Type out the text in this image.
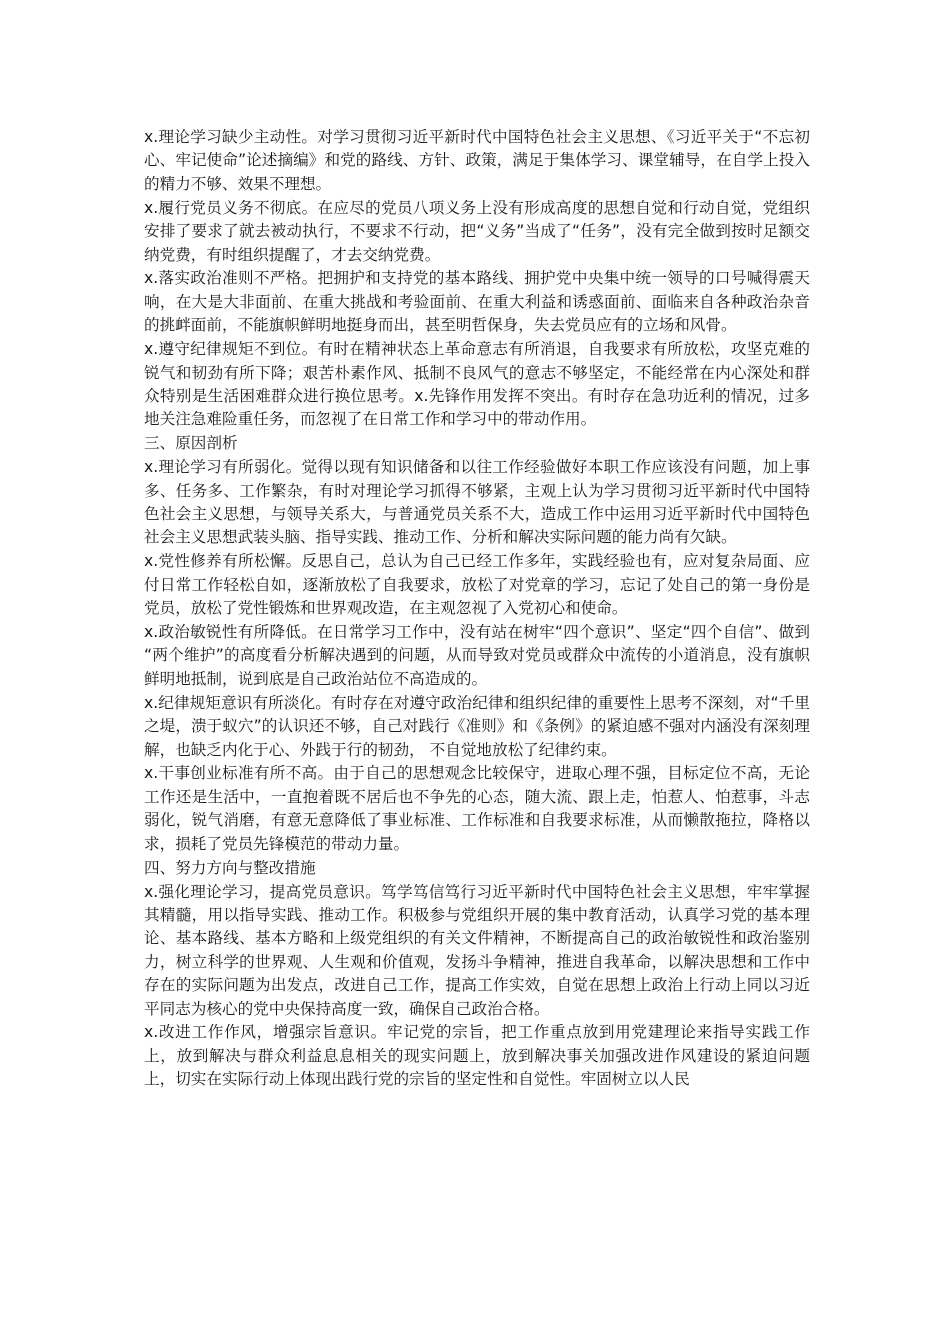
x.理论学习缺少主动性。对学习贯彻习近平新时代中国特色社会主义思想、《习近平关于“不忘初心、牢记使命”论述摘编》和党的路线、方针、政策，满足于集体学习、课堂辅导，在自学上投入的精力不够、效果不理想。

x.履行党员义务不彻底。在应尽的党员八项义务上没有形成高度的思想自觉和行动自觉，党组织安排了要求了就去被动执行，不要求不行动，把“义务”当成了“任务”，没有完全做到按时足额交纳党费，有时组织提醒了，才去交纳党费。

x.落实政治准则不严格。把拥护和支持党的基本路线、拥护党中央集中统一领导的口号喊得震天响，在大是大非面前、在重大挑战和考验面前、在重大利益和诱惑面前、面临来自各种政治杂音的挑衅面前，不能旗帜鲜明地挺身而出，甚至明哲保身，失去党员应有的立场和风骨。

x.遵守纪律规矩不到位。有时在精神状态上革命意志有所消退，自我要求有所放松，攻坚克难的锐气和韧劲有所下降；艰苦朴素作风、抵制不良风气的意志不够坚定，不能经常在内心深处和群众特别是生活困难群众进行换位思考。x.先锋作用发挥不突出。有时存在急功近利的情况，过多地关注急难险重任务，而忽视了在日常工作和学习中的带动作用。

三、原因剖析

x.理论学习有所弱化。觉得以现有知识储备和以往工作经验做好本职工作应该没有问题，加上事多、任务多、工作繁杂，有时对理论学习抓得不够紧，主观上认为学习贯彻习近平新时代中国特色社会主义思想，与领导关系大，与普通党员关系不大，造成工作中运用习近平新时代中国特色社会主义思想武装头脑、指导实践、推动工作、分析和解决实际问题的能力尚有欠缺。

x.党性修养有所松懈。反思自己，总认为自己已经工作多年，实践经验也有，应对复杂局面、应付日常工作轻松自如，逐渐放松了自我要求，放松了对党章的学习，忘记了处自己的第一身份是党员，放松了党性锻炼和世界观改造，在主观忽视了入党初心和使命。

x.政治敏锐性有所降低。在日常学习工作中，没有站在树牢“四个意识”、坚定“四个自信”、做到 “两个维护”的高度看分析解决遇到的问题，从而导致对党员或群众中流传的小道消息，没有旗帜鲜明地抵制，说到底是自己政治站位不高造成的。

x.纪律规矩意识有所淡化。有时存在对遵守政治纪律和组织纪律的重要性上思考不深刻，对“千里之堤，溃于蚁穴”的认识还不够，自己对践行《准则》和《条例》的紧迫感不强对内涵没有深刻理解，也缺乏内化于心、外践于行的韧劲， 不自觉地放松了纪律约束。

x.干事创业标准有所不高。由于自己的思想观念比较保守，进取心理不强，目标定位不高，无论工作还是生活中，一直抱着既不居后也不争先的心态，随大流、跟上走，怕惹人、怕惹事，斗志弱化，锐气消磨，有意无意降低了事业标准、工作标准和自我要求标准，从而懒散拖拉，降格以求，损耗了党员先锋模范的带动力量。

四、努力方向与整改措施

x.强化理论学习，提高党员意识。笃学笃信笃行习近平新时代中国特色社会主义思想，牢牢掌握其精髓，用以指导实践、推动工作。积极参与党组织开展的集中教育活动，认真学习党的基本理论、基本路线、基本方略和上级党组织的有关文件精神，不断提高自己的政治敏锐性和政治鉴别力，树立科学的世界观、人生观和价值观，发扬斗争精神，推进自我革命，以解决思想和工作中存在的实际问题为出发点，改进自己工作，提高工作实效，自觉在思想上政治上行动上同以习近平同志为核心的党中央保持高度一致，确保自己政治合格。

x.改进工作作风，增强宗旨意识。牢记党的宗旨，把工作重点放到用党建理论来指导实践工作上，放到解决与群众利益息息相关的现实问题上，放到解决事关加强改进作风建设的紧迫问题上，切实在实际行动上体现出践行党的宗旨的坚定性和自觉性。牢固树立以人民
